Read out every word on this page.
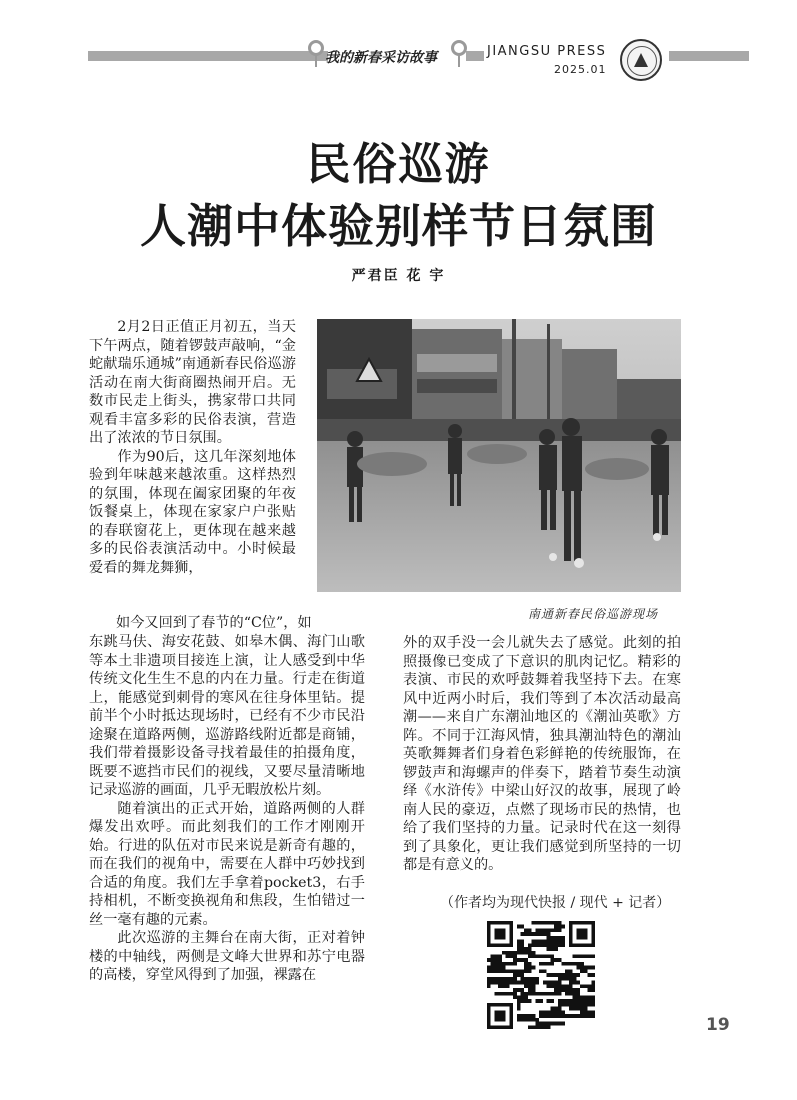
我的新春采访故事	JIANGSU PRESS
2025.01
民俗巡游
人潮中体验别样节日氛围
严君臣 花 宇
南通新春民俗巡游现场

2月2日正值正月初五，当天下午两点，随着锣鼓声敲响，“金蛇献瑞乐通城”南通新春民俗巡游活动在南大街商圈热闹开启。无数市民走上街头，携家带口共同观看丰富多彩的民俗表演，营造出了浓浓的节日氛围。

作为90后，这几年深刻地体验到年味越来越浓重。这样热烈的氛围，体现在阖家团聚的年夜饭餐桌上，体现在家家户户张贴的春联窗花上，更体现在越来越多的民俗表演活动中。小时候最爱看的舞龙舞狮，

如今又回到了春节的“C位”，如

东跳马伕、海安花鼓、如皋木偶、海门山歌等本土非遗项目接连上演，让人感受到中华传统文化生生不息的内在力量。行走在街道上，能感觉到刺骨的寒风在往身体里钻。提前半个小时抵达现场时，已经有不少市民沿途聚在道路两侧，巡游路线附近都是商铺，我们带着摄影设备寻找着最佳的拍摄角度，既要不遮挡市民们的视线，又要尽量清晰地记录巡游的画面，几乎无暇放松片刻。

随着演出的正式开始，道路两侧的人群爆发出欢呼。而此刻我们的工作才刚刚开始。行进的队伍对市民来说是新奇有趣的，而在我们的视角中，需要在人群中巧妙找到合适的角度。我们左手拿着pocket3，右手持相机，不断变换视角和焦段，生怕错过一丝一毫有趣的元素。

此次巡游的主舞台在南大街，正对着钟楼的中轴线，两侧是文峰大世界和苏宁电器的高楼，穿堂风得到了加强，裸露在

外的双手没一会儿就失去了感觉。此刻的拍照摄像已变成了下意识的肌肉记忆。精彩的表演、市民的欢呼鼓舞着我坚持下去。在寒风中近两小时后，我们等到了本次活动最高潮——来自广东潮汕地区的《潮汕英歌》方阵。不同于江海风情，独具潮汕特色的潮汕英歌舞舞者们身着色彩鲜艳的传统服饰，在锣鼓声和海螺声的伴奏下，踏着节奏生动演绎《水浒传》中梁山好汉的故事，展现了岭南人民的豪迈，点燃了现场市民的热情，也给了我们坚持的力量。记录时代在这一刻得到了具象化，更让我们感觉到所坚持的一切都是有意义的。

（作者均为现代快报 / 现代 + 记者）
19
